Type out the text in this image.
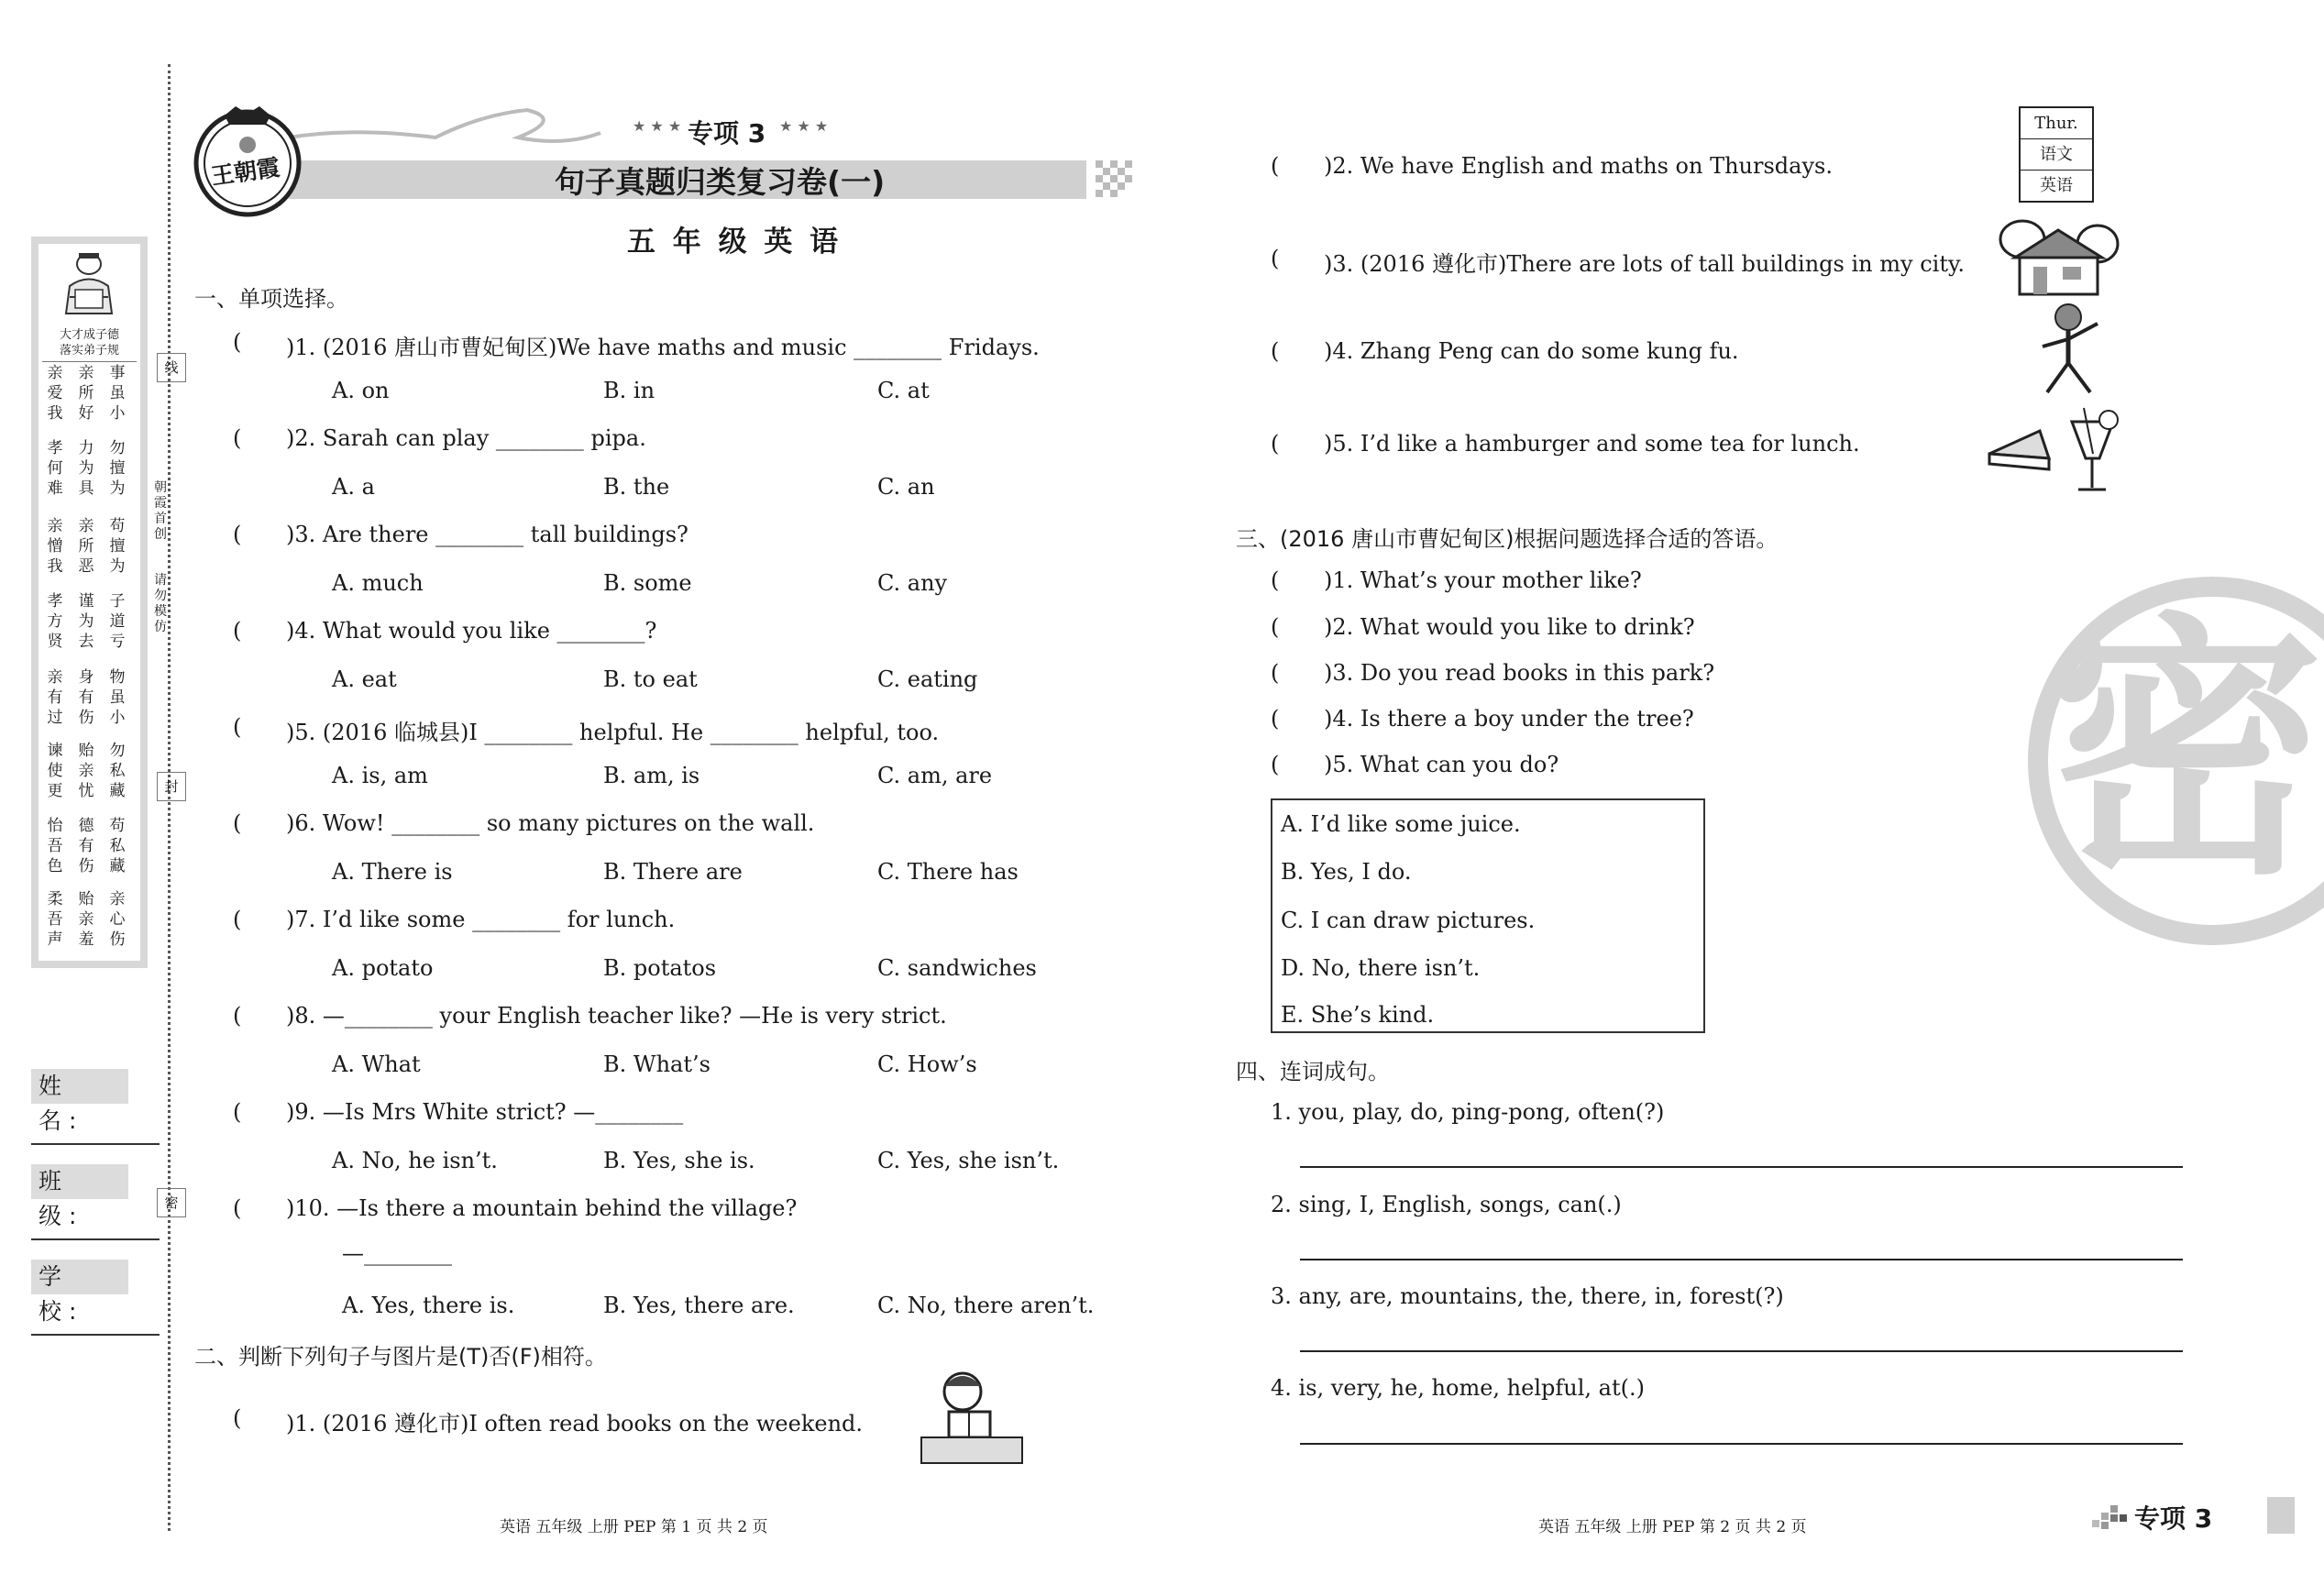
线
封
密
朝霞首创
请勿模仿
大才成子德
落实弟子规
亲爱我
亲所好
事虽小
孝何难
力为具
勿擅为
亲憎我
亲所恶
苟擅为
孝方贤
谨为去
子道亏
亲有过
身有伤
物虽小
谏使更
贻亲忧
勿私藏
怡吾色
德有伤
苟私藏
柔吾声
贻亲羞
亲心伤
姓 名:
班 级:
学 校:
王朝霞
★ ★ ★ 专项 3 ★ ★ ★
句子真题归类复习卷(一)
五 年 级 英 语
一、单项选择。
( )1. (2016 唐山市曹妃甸区)We have maths and music ________ Fridays.
A. on	B. in	C. at
( )2. Sarah can play ________ pipa.
A. a	B. the	C. an
( )3. Are there ________ tall buildings?
A. much	B. some	C. any
( )4. What would you like ________?
A. eat	B. to eat	C. eating
( )5. (2016 临城县)I ________ helpful. He ________ helpful, too.
A. is, am	B. am, is	C. am, are
( )6. Wow! ________ so many pictures on the wall.
A. There is	B. There are	C. There has
( )7. I’d like some ________ for lunch.
A. potato	B. potatos	C. sandwiches
( )8. —________ your English teacher like? —He is very strict.
A. What	B. What’s	C. How’s
( )9. —Is Mrs White strict? —________
A. No, he isn’t.	B. Yes, she is.	C. Yes, she isn’t.
( )10. —Is there a mountain behind the village?
A. Yes, there is.	B. Yes, there are.	C. No, there aren’t.
—________
二、判断下列句子与图片是(T)否(F)相符。
( )1. (2016 遵化市)I often read books on the weekend.
( )2. We have English and maths on Thursdays.
( )3. (2016 遵化市)There are lots of tall buildings in my city.
( )4. Zhang Peng can do some kung fu.
( )5. I’d like a hamburger and some tea for lunch.
Thur.
语文
英语
三、(2016 唐山市曹妃甸区)根据问题选择合适的答语。
( )1. What’s your mother like?
( )2. What would you like to drink?
( )3. Do you read books in this park?
( )4. Is there a boy under the tree?
( )5. What can you do?
A. I’d like some juice.
B. Yes, I do.
C. I can draw pictures.
D. No, there isn’t.
E. She’s kind.
四、连词成句。
1. you, play, do, ping-pong, often(?)
2. sing, I, English, songs, can(.)
3. any, are, mountains, the, there, in, forest(?)
4. is, very, he, home, helpful, at(.)
密
英语 五年级 上册 PEP 第 1 页 共 2 页	英语 五年级 上册 PEP 第 2 页 共 2 页	专项 3
